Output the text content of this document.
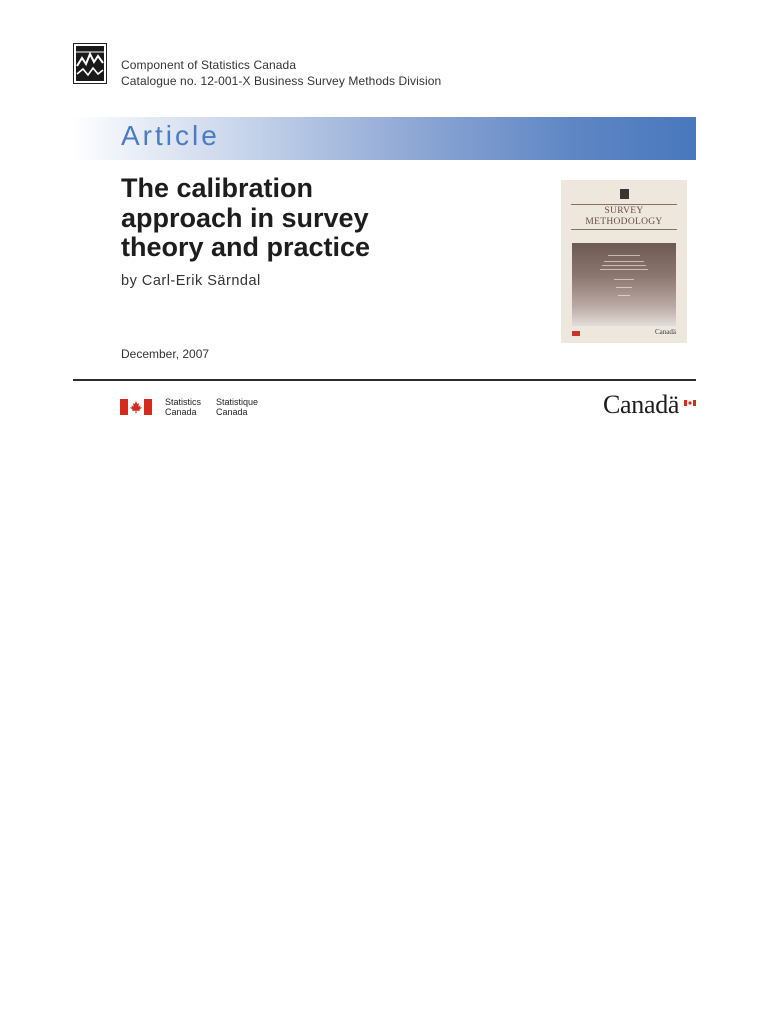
Component of Statistics Canada
Catalogue no. 12-001-X Business Survey Methods Division
Article
The calibration
approach in survey
theory and practice
by Carl-Erik Särndal
December, 2007
SURVEY
METHODOLOGY
Canadä
Statistics
Canada
Statistique
Canada	Canadä
